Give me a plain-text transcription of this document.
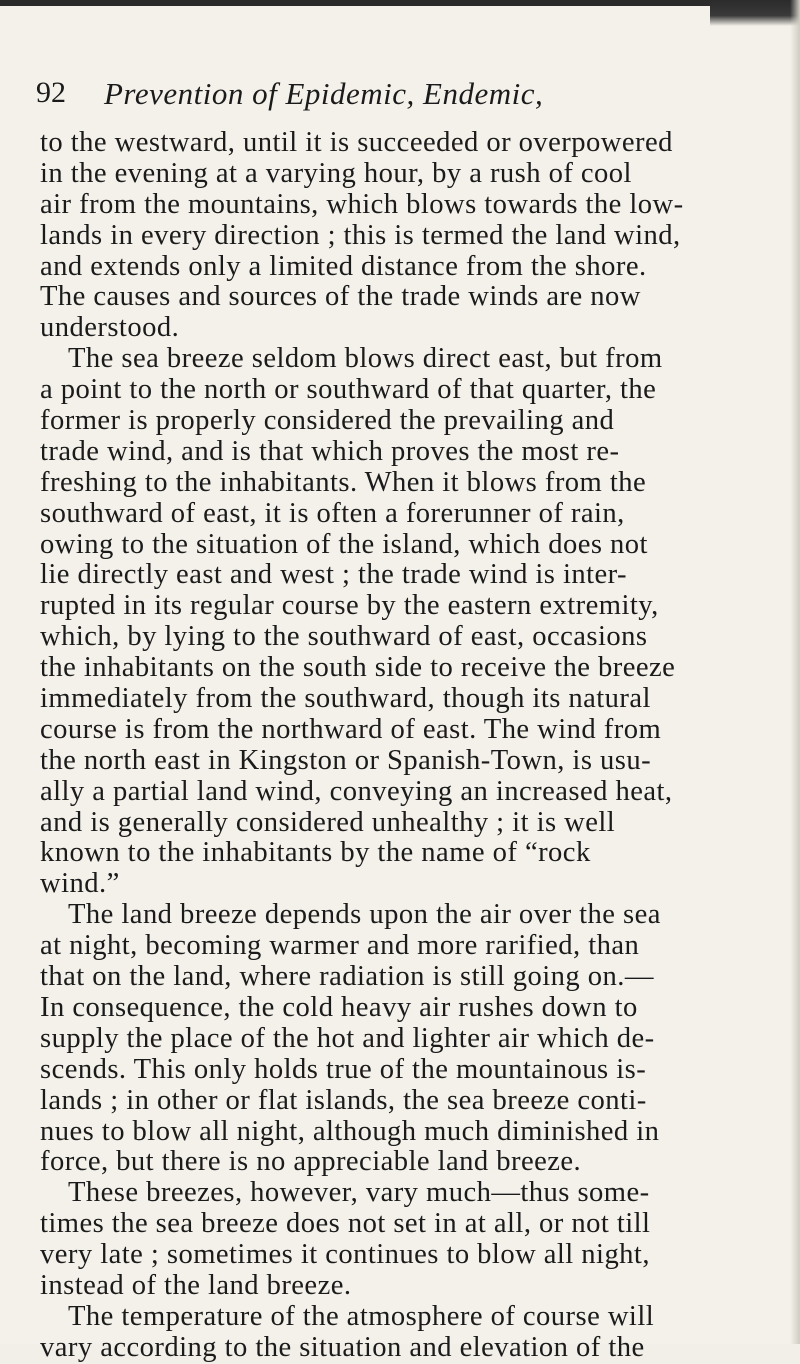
92 Prevention of Epidemic, Endemic,
to the westward, until it is succeeded or overpowered
in the evening at a varying hour, by a rush of cool
air from the mountains, which blows towards the low-
lands in every direction ; this is termed the land wind,
and extends only a limited distance from the shore.
The causes and sources of the trade winds are now
understood.
The sea breeze seldom blows direct east, but from
a point to the north or southward of that quarter, the
former is properly considered the prevailing and
trade wind, and is that which proves the most re-
freshing to the inhabitants. When it blows from the
southward of east, it is often a forerunner of rain,
owing to the situation of the island, which does not
lie directly east and west ; the trade wind is inter-
rupted in its regular course by the eastern extremity,
which, by lying to the southward of east, occasions
the inhabitants on the south side to receive the breeze
immediately from the southward, though its natural
course is from the northward of east. The wind from
the north east in Kingston or Spanish-Town, is usu-
ally a partial land wind, conveying an increased heat,
and is generally considered unhealthy ; it is well
known to the inhabitants by the name of “rock
wind.”
The land breeze depends upon the air over the sea
at night, becoming warmer and more rarified, than
that on the land, where radiation is still going on.—
In consequence, the cold heavy air rushes down to
supply the place of the hot and lighter air which de-
scends. This only holds true of the mountainous is-
lands ; in other or flat islands, the sea breeze conti-
nues to blow all night, although much diminished in
force, but there is no appreciable land breeze.
These breezes, however, vary much—thus some-
times the sea breeze does not set in at all, or not till
very late ; sometimes it continues to blow all night,
instead of the land breeze.
The temperature of the atmosphere of course will
vary according to the situation and elevation of the
